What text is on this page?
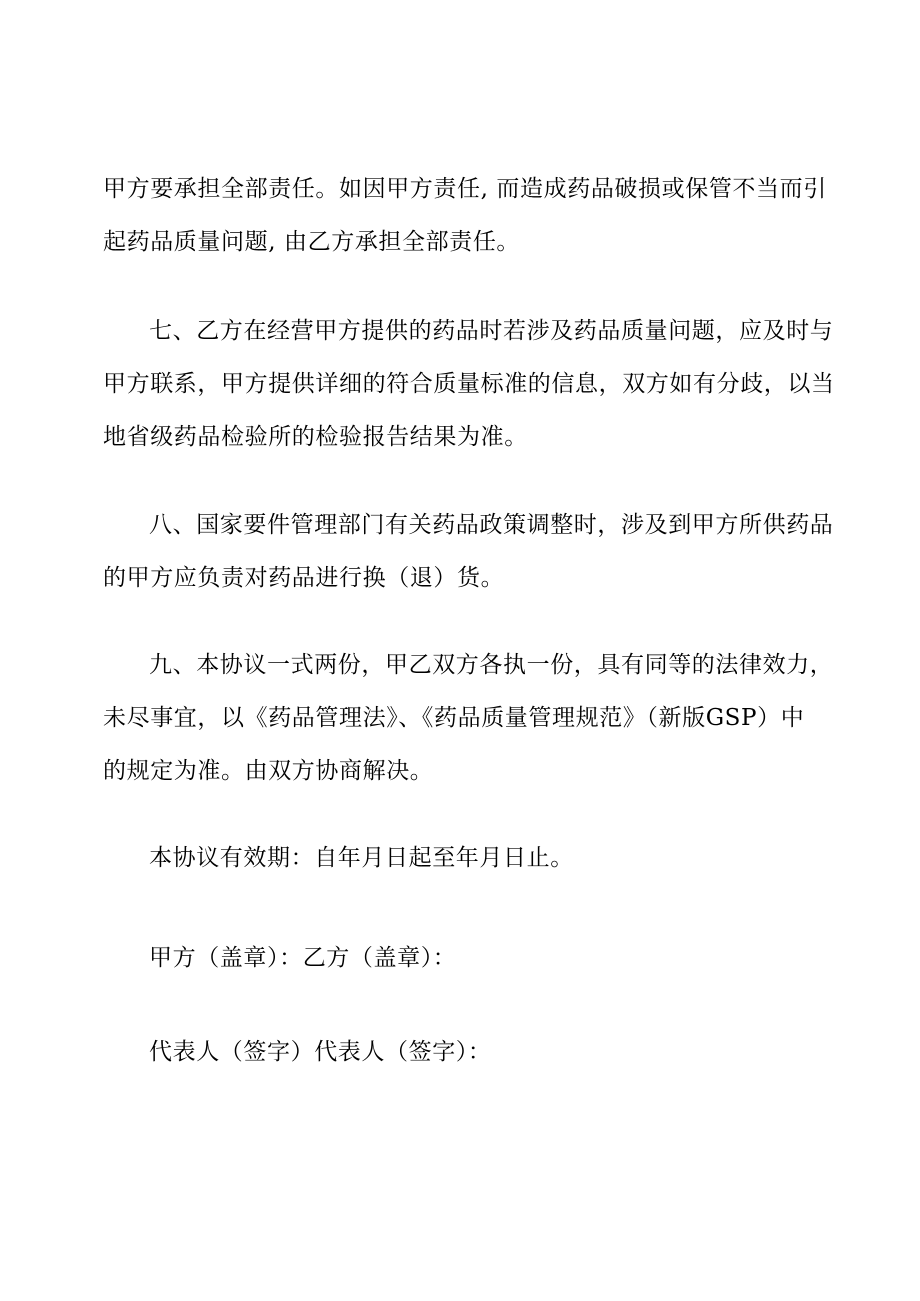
甲方要承担全部责任。如因甲方责任, 而造成药品破损或保管不当而引
起药品质量问题, 由乙方承担全部责任。

七、乙方在经营甲方提供的药品时若涉及药品质量问题，应及时与
甲方联系，甲方提供详细的符合质量标准的信息，双方如有分歧，以当
地省级药品检验所的检验报告结果为准。

八、国家要件管理部门有关药品政策调整时，涉及到甲方所供药品
的甲方应负责对药品进行换（退）货。

九、本协议一式两份，甲乙双方各执一份，具有同等的法律效力，
未尽事宜，以《药品管理法》、《药品质量管理规范》（新版GSP）中
的规定为准。由双方协商解决。

本协议有效期：自年月日起至年月日止。

甲方（盖章）：乙方（盖章）：

代表人（签字）代表人（签字）：
